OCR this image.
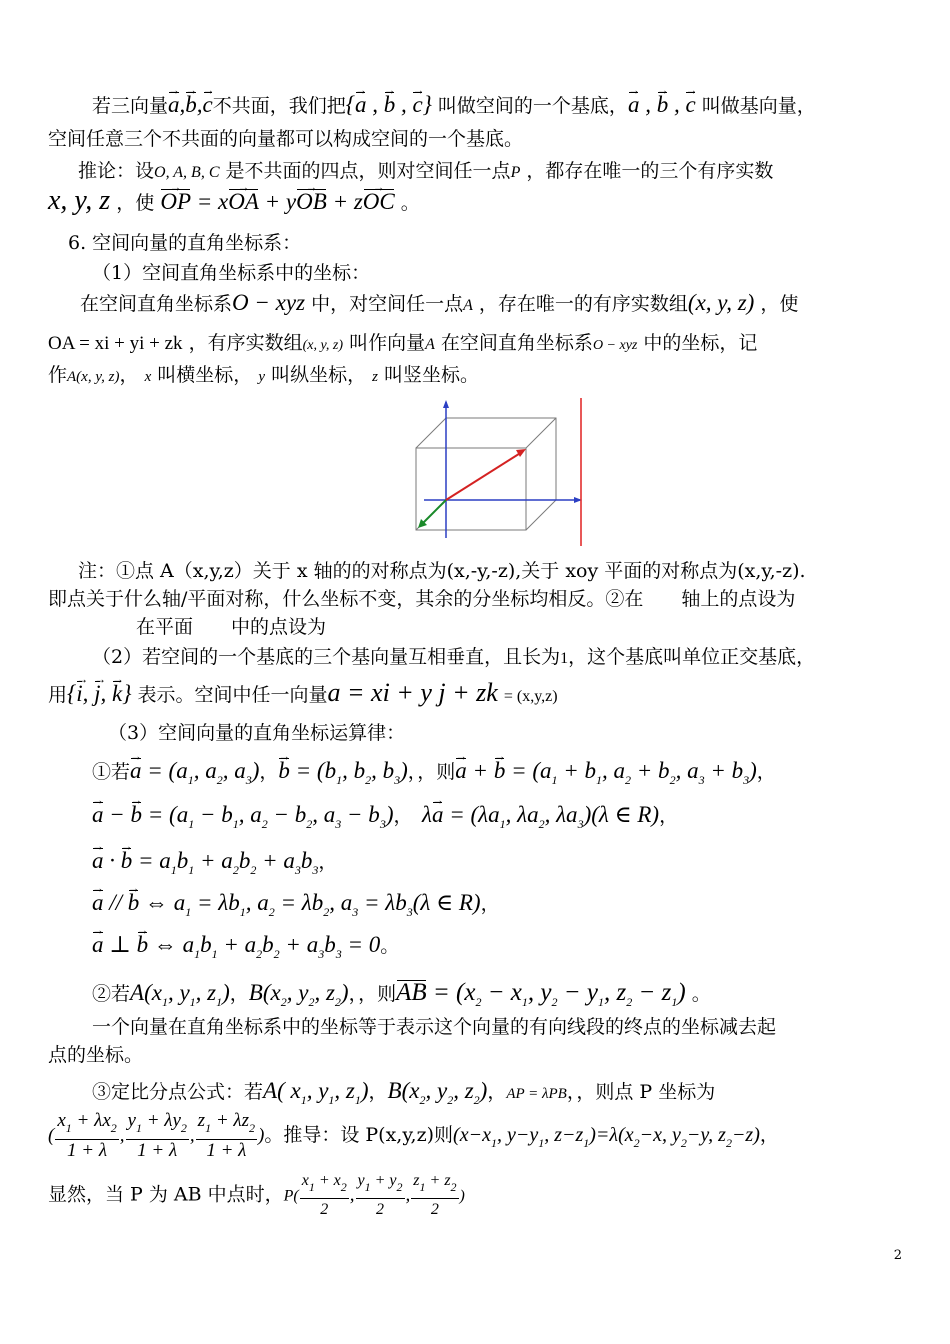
若三向量a →,b →,c →不共面，我们把{a → , b → , c →} 叫做空间的一个基底，a → , b → , c → 叫做基向量，
空间任意三个不共面的向量都可以构成空间的一个基底。
推论：设O, A, B, C 是不共面的四点，则对空间任一点P ，都存在唯一的三个有序实数
x, y, z ，使 OP → = xOA → + yOB → + zOC → 。
6. 空间向量的直角坐标系：
（1）空间直角坐标系中的坐标：
在空间直角坐标系O − xyz 中，对空间任一点A ，存在唯一的有序实数组(x, y, z) ，使
OA = xi + yi + zk ，有序实数组(x, y, z) 叫作向量A 在空间直角坐标系O − xyz 中的坐标，记
作A(x, y, z)， x 叫横坐标， y 叫纵坐标， z 叫竖坐标。
注：①点 A（x,y,z）关于 x 轴的的对称点为(x,-y,-z),关于 xoy 平面的对称点为(x,y,-z).
即点关于什么轴/平面对称，什么坐标不变，其余的分坐标均相反。②在　　轴上的点设为
在平面　　中的点设为
（2）若空间的一个基底的三个基向量互相垂直，且长为1，这个基底叫单位正交基底，
用{i →, j →, k →} 表示。空间中任一向量a = xi + y j + zk = (x,y,z)
（3）空间向量的直角坐标运算律：
①若a → = ($a_1$, $a_2$, $a_3$)，b → = ($b_1$, $b_2$, $b_3$)，，则a → + b → = ($a_1 + b_1$, $a_2 + b_2$, $a_3 + b_3$)，
a → − b → = ($a_1 - b_1$, $a_2 - b_2$, $a_3 - b_3$)，　λa → = ($\lambda a_1$, $\lambda a_2$, $\lambda a_3)(\lambda$ ∈ R)，
a → · b → = $a_1b_1 + a_2b_2 + a_3b_3$，
a → // b → ⇔ $a_1 = \lambda b_1$, $a_2 = \lambda b_2$, $a_3 = \lambda b_3(\lambda$ ∈ R)，
a → ⊥ b → ⇔ $a_1b_1 + a_2b_2 + a_3b_3 = 0$。
②若$A(x_1$, $y_1$, $z_1$)，$B(x_2$, $y_2$, $z_2$)，，则AB = ($x_2 - x_1$, $y_2 - y_1$, $z_2 - z_1$) 。
一个向量在直角坐标系中的坐标等于表示这个向量的有向线段的终点的坐标减去起
点的坐标。
③定比分点公式：若A( $x_1$, $y_1$, $z_1$)，$B(x_2$, $y_2$, $z_2$)，AP = λPB，，则点 P 坐标为
( $\frac{x_1 + \lambda x_2}{1 + \lambda}$ , $\frac{y_1 + \lambda y_2}{1 + \lambda}$ , $\frac{z_1 + \lambda z_2}{1 + \lambda}$ )。推导：设 P(x,y,z)则($x-x_1$, $y-y_1$, $z-z_1)=\lambda(x_2-x$, $y_2-y$, $z_2-z$)，
显然，当 P 为 AB 中点时，$P( \frac{x_1 + x_2}{2}$ , $\frac{y_1 + y_2}{2}$ , $\frac{z_1 + z_2}{2}$ )
2
